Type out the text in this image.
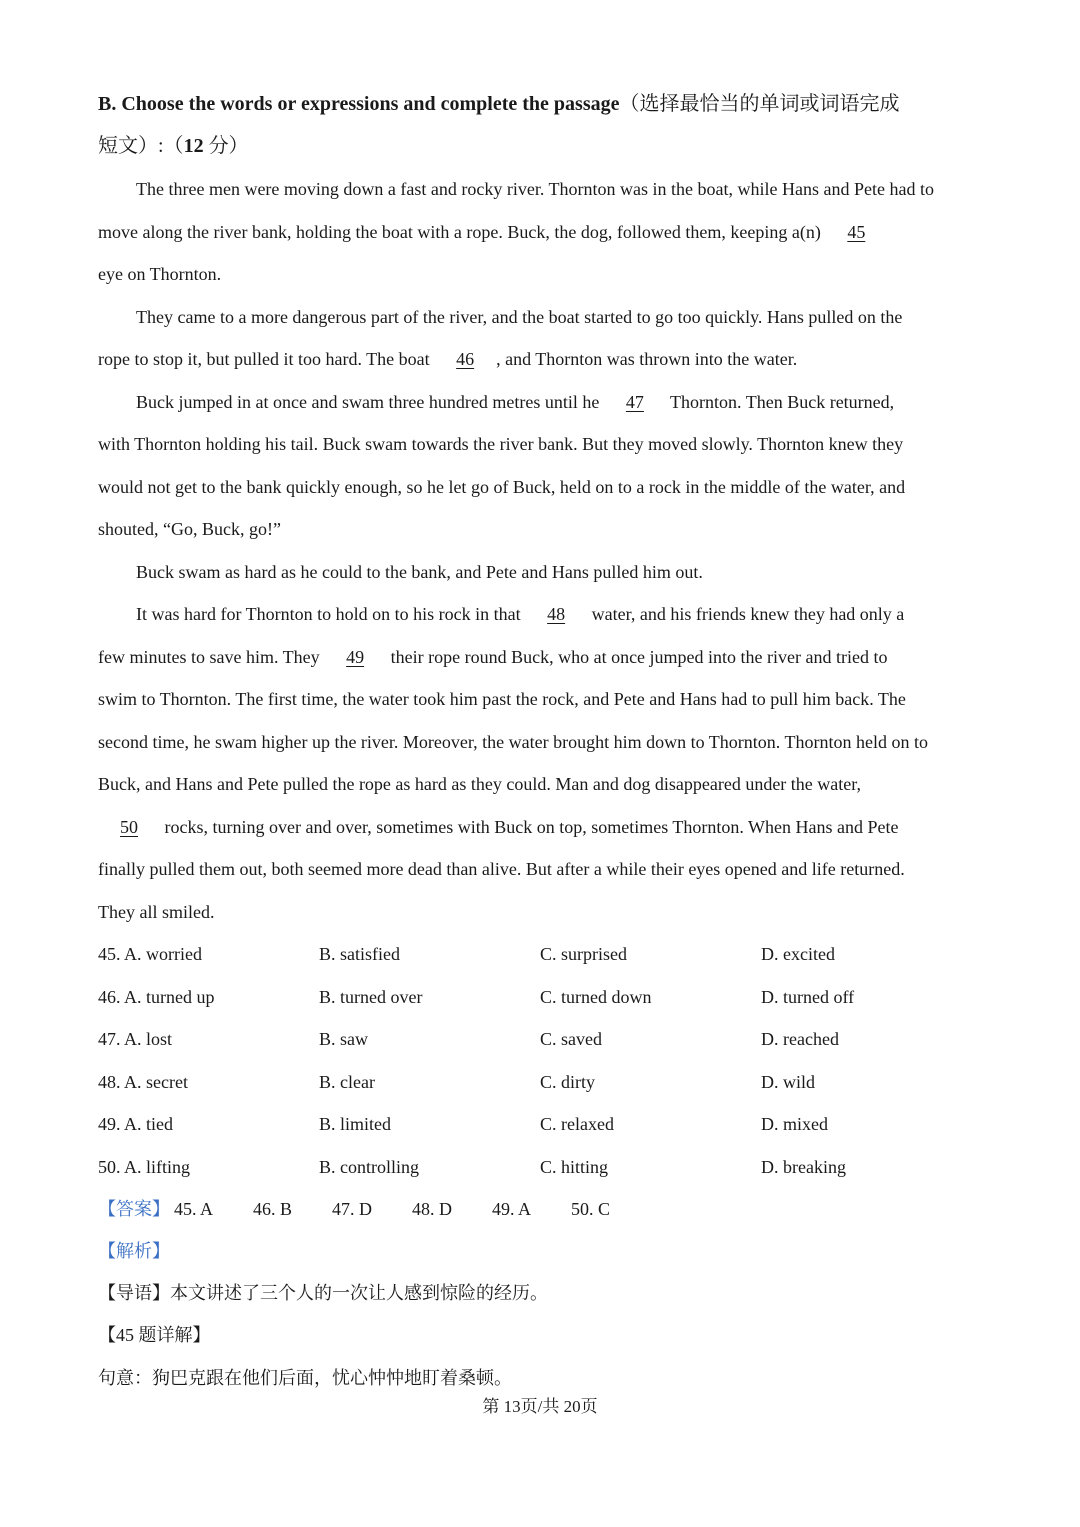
B. Choose the words or expressions and complete the passage（选择最恰当的单词或词语完成
短文）:（12 分）
The three men were moving down a fast and rocky river. Thornton was in the boat, while Hans and Pete had to
move along the river bank, holding the boat with a rope. Buck, the dog, followed them, keeping a(n) 45
eye on Thornton.
They came to a more dangerous part of the river, and the boat started to go too quickly. Hans pulled on the
rope to stop it, but pulled it too hard. The boat 46 , and Thornton was thrown into the water.
Buck jumped in at once and swam three hundred metres until he 47 Thornton. Then Buck returned,
with Thornton holding his tail. Buck swam towards the river bank. But they moved slowly. Thornton knew they
would not get to the bank quickly enough, so he let go of Buck, held on to a rock in the middle of the water, and
shouted, “Go, Buck, go!”
Buck swam as hard as he could to the bank, and Pete and Hans pulled him out.
It was hard for Thornton to hold on to his rock in that 48 water, and his friends knew they had only a
few minutes to save him. They 49 their rope round Buck, who at once jumped into the river and tried to
swim to Thornton. The first time, the water took him past the rock, and Pete and Hans had to pull him back. The
second time, he swam higher up the river. Moreover, the water brought him down to Thornton. Thornton held on to
Buck, and Hans and Pete pulled the rope as hard as they could. Man and dog disappeared under the water,
50 rocks, turning over and over, sometimes with Buck on top, sometimes Thornton. When Hans and Pete
finally pulled them out, both seemed more dead than alive. But after a while their eyes opened and life returned.
They all smiled.
45. A. worried	B. satisfied	C. surprised	D. excited
46. A. turned up	B. turned over	C. turned down	D. turned off
47. A. lost	B. saw	C. saved	D. reached
48. A. secret	B. clear	C. dirty	D. wild
49. A. tied	B. limited	C. relaxed	D. mixed
50. A. lifting	B. controlling	C. hitting	D. breaking
【答案】 45. A 46. B 47. D 48. D 49. A 50. C
【解析】
【导语】本文讲述了三个人的一次让人感到惊险的经历。
【45 题详解】
句意：狗巴克跟在他们后面，忧心忡忡地盯着桑顿。
第 13页/共 20页
